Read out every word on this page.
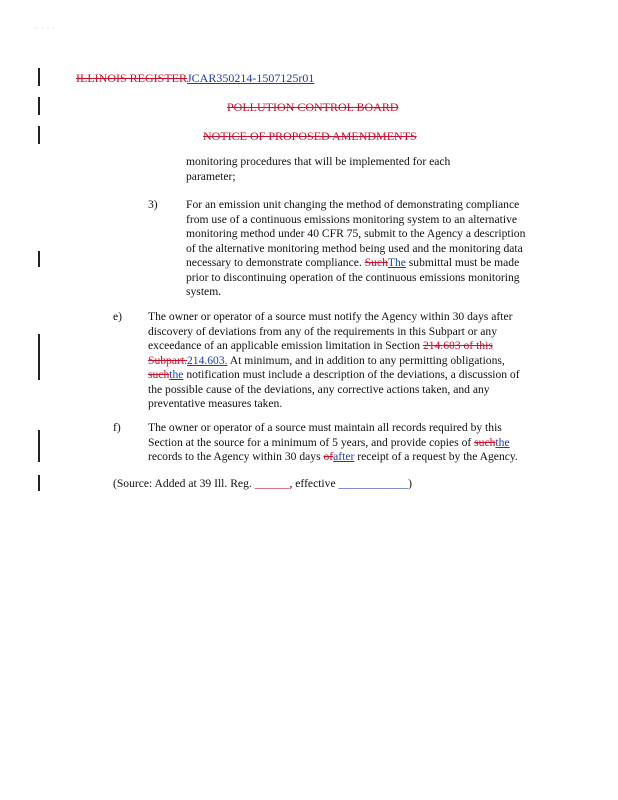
·· · · ·
ILLINOIS REGISTERJCAR350214-1507125r01
POLLUTION CONTROL BOARD
NOTICE OF PROPOSED AMENDMENTS
monitoring procedures that will be implemented for each
parameter;
3) For an emission unit changing the method of demonstrating compliance
from use of a continuous emissions monitoring system to an alternative
monitoring method under 40 CFR 75, submit to the Agency a description
of the alternative monitoring method being used and the monitoring data
necessary to demonstrate compliance. SuchThe submittal must be made
prior to discontinuing operation of the continuous emissions monitoring
system.
e) The owner or operator of a source must notify the Agency within 30 days after
discovery of deviations from any of the requirements in this Subpart or any
exceedance of an applicable emission limitation in Section 214.603 of this
Subpart.214.603. At minimum, and in addition to any permitting obligations,
suchthe notification must include a description of the deviations, a discussion of
the possible cause of the deviations, any corrective actions taken, and any
preventative measures taken.
f) The owner or operator of a source must maintain all records required by this
Section at the source for a minimum of 5 years, and provide copies of suchthe
records to the Agency within 30 days ofafter receipt of a request by the Agency.
(Source: Added at 39 Ill. Reg. ______, effective ____________)
